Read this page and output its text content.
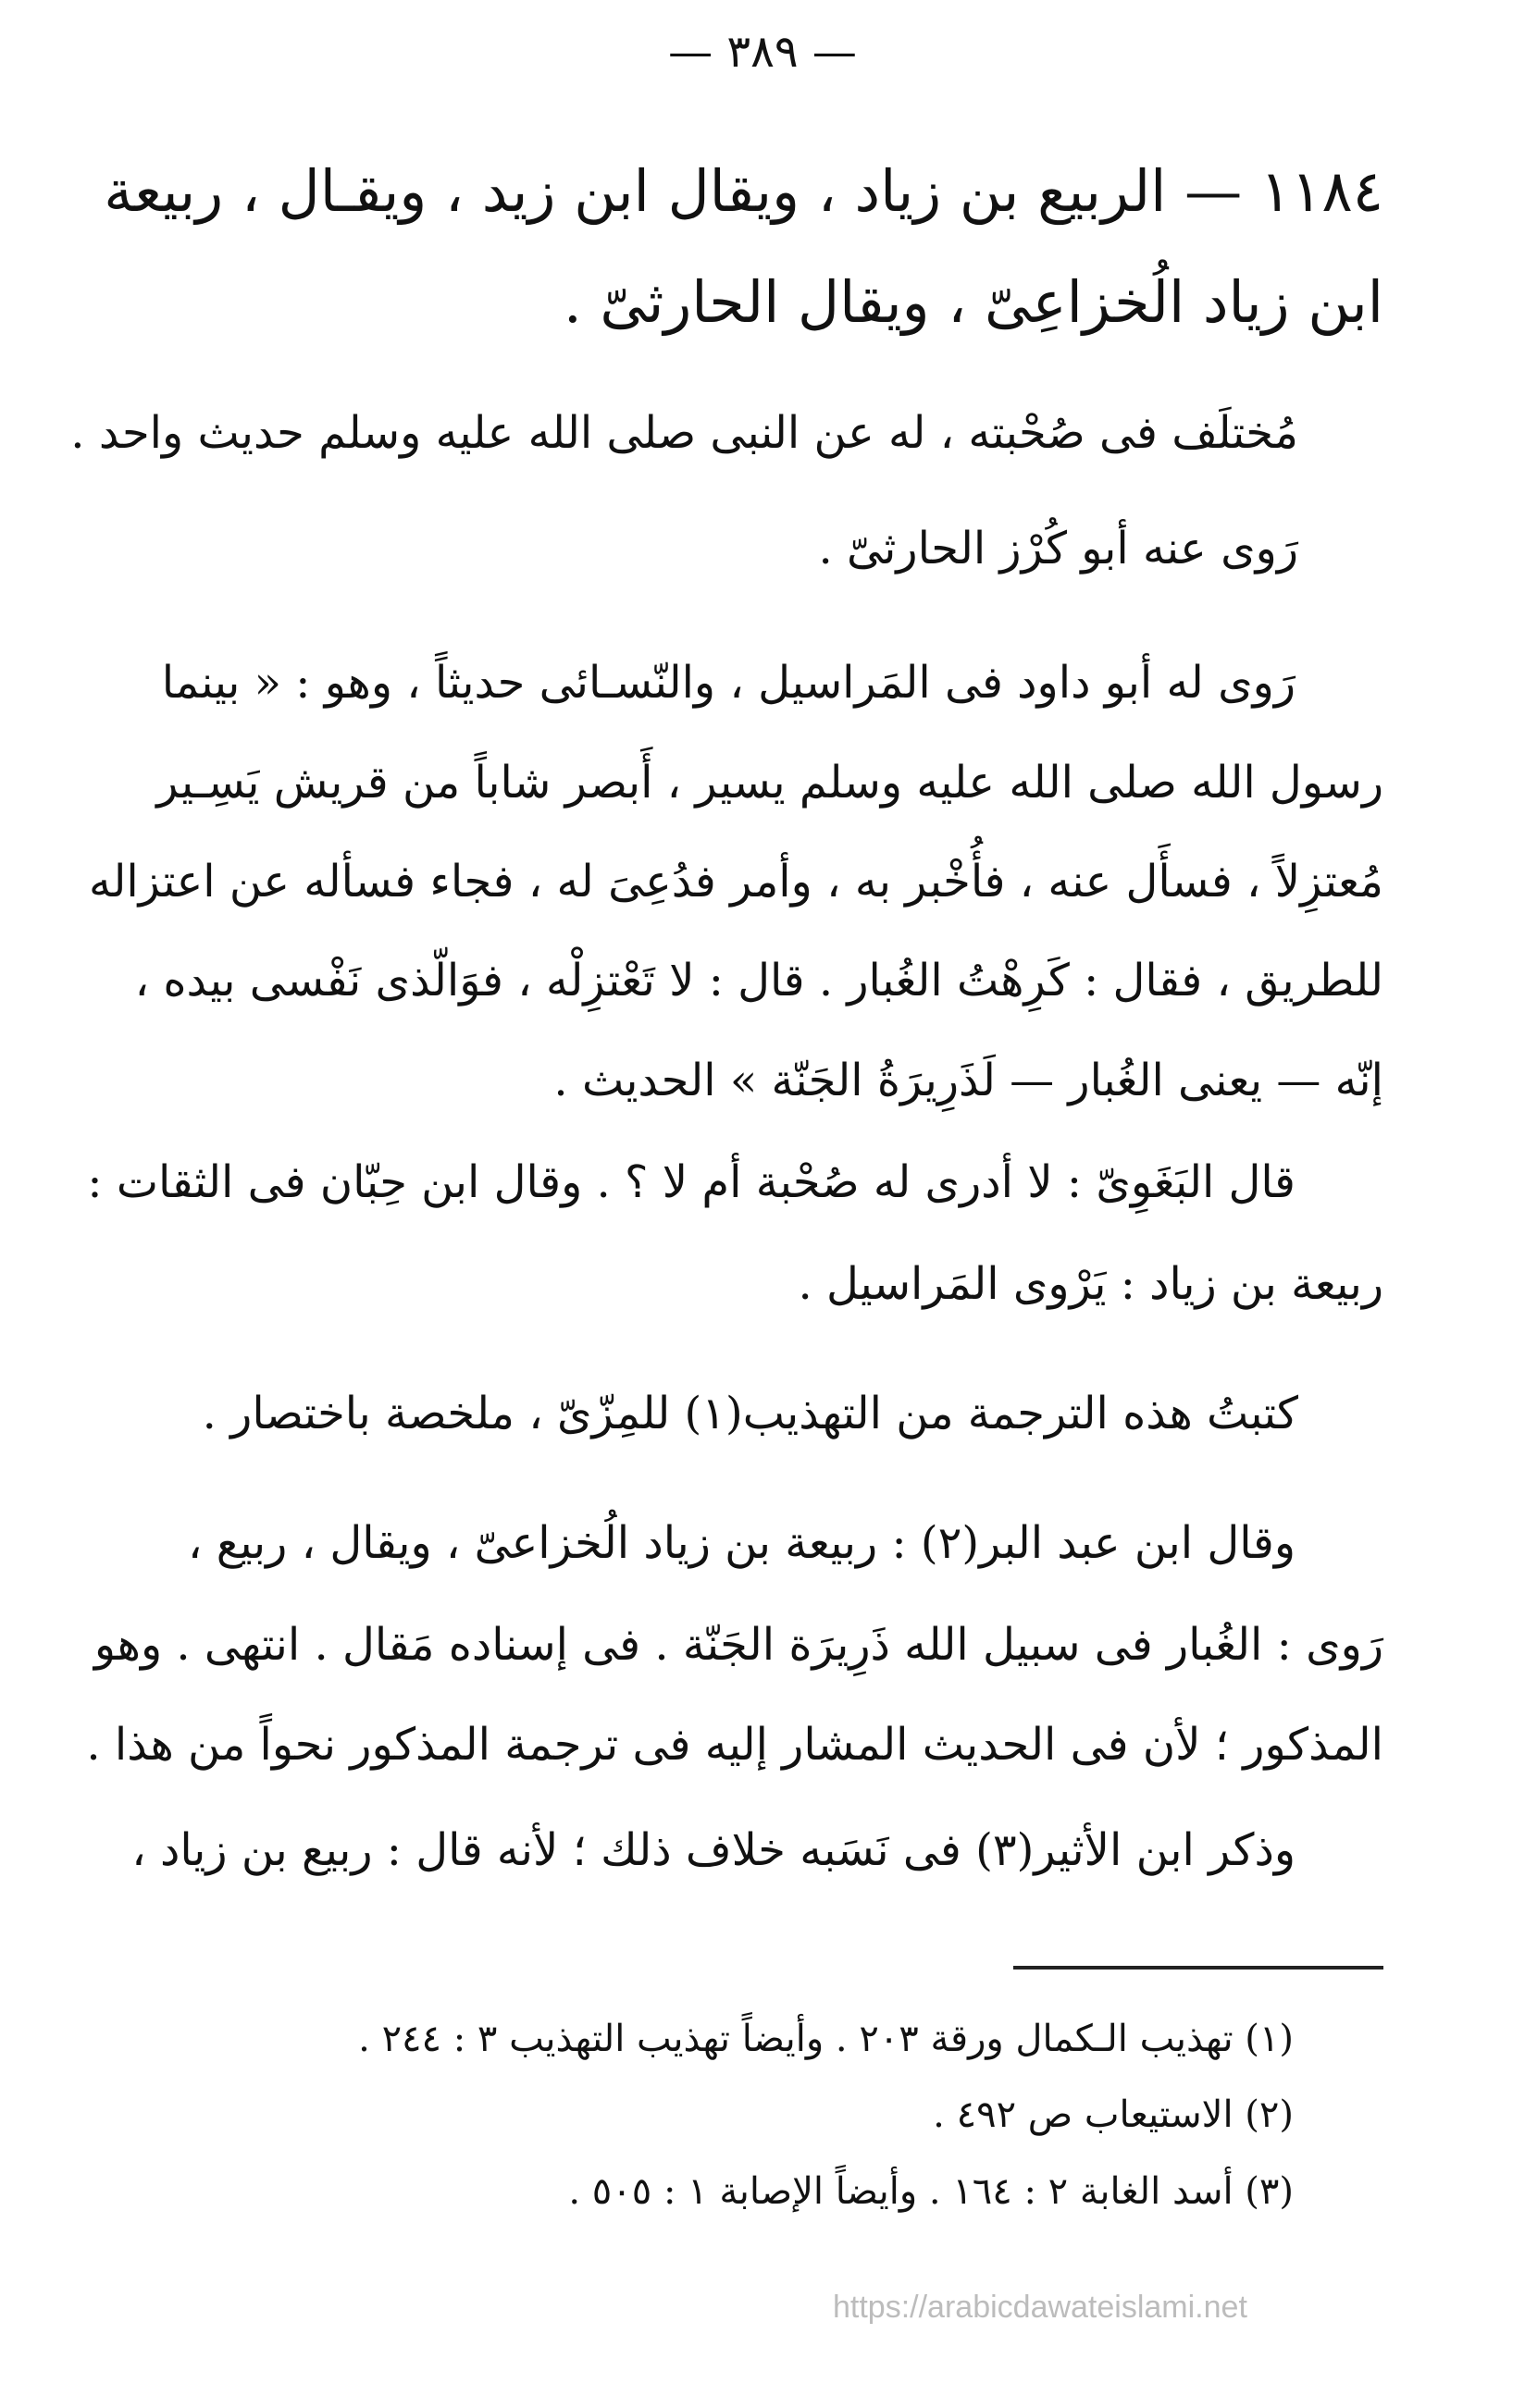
— ٣٨٩ —
١١٨٤ — الربيع بن زياد ، ويقال ابن زيد ، ويقـال ، ربيعة
ابن زياد الُخزاعِىّ ، ويقال الحارثىّ .
مُختلَف فى صُحْبته ، له عن النبى صلى الله عليه وسلم حديث واحد .
رَوى عنه أبو كُرْز الحارثىّ .
رَوى له أبو داود فى المَراسيل ، والنّسـائى حديثاً ، وهو : « بينما
رسول الله صلى الله عليه وسلم يسير ، أَبصر شاباً من قريش يَسِـير
مُعتزِلاً ، فسأَل عنه ، فأُخْبر به ، وأمر فدُعِىَ له ، فجاء فسأله عن اعتزاله
للطريق ، فقال : كَرِهْتُ الغُبار . قال : لا تَعْتزِلْه ، فوَالّذى نَفْسى بيده ،
إنّه — يعنى الغُبار — لَذَرِيرَةُ الجَنّة » الحديث .
قال البَغَوِىّ : لا أدرى له صُحْبة أم لا ؟ . وقال ابن حِبّان فى الثقات :
ربيعة بن زياد : يَرْوى المَراسيل .
كتبتُ هذه الترجمة من التهذيب(١) للمِزّىّ ، ملخصة باختصار .
وقال ابن عبد البر(٢) : ربيعة بن زياد الُخزاعىّ ، ويقال ، ربيع ،
رَوى : الغُبار فى سبيل الله ذَرِيرَة الجَنّة . فى إسناده مَقال . انتهى . وهو
المذكور ؛ لأن فى الحديث المشار إليه فى ترجمة المذكور نحواً من هذا .
وذكر ابن الأثير(٣) فى نَسَبه خلاف ذلك ؛ لأنه قال : ربيع بن زياد ،
(١) تهذيب الـكمال ورقة ٢٠٣ . وأيضاً تهذيب التهذيب ٣ : ٢٤٤ .
(٢) الاستيعاب ص ٤٩٢ .
(٣) أسد الغابة ٢ : ١٦٤ . وأيضاً الإصابة ١ : ٥٠٥ .
https://arabicdawateislami.net
